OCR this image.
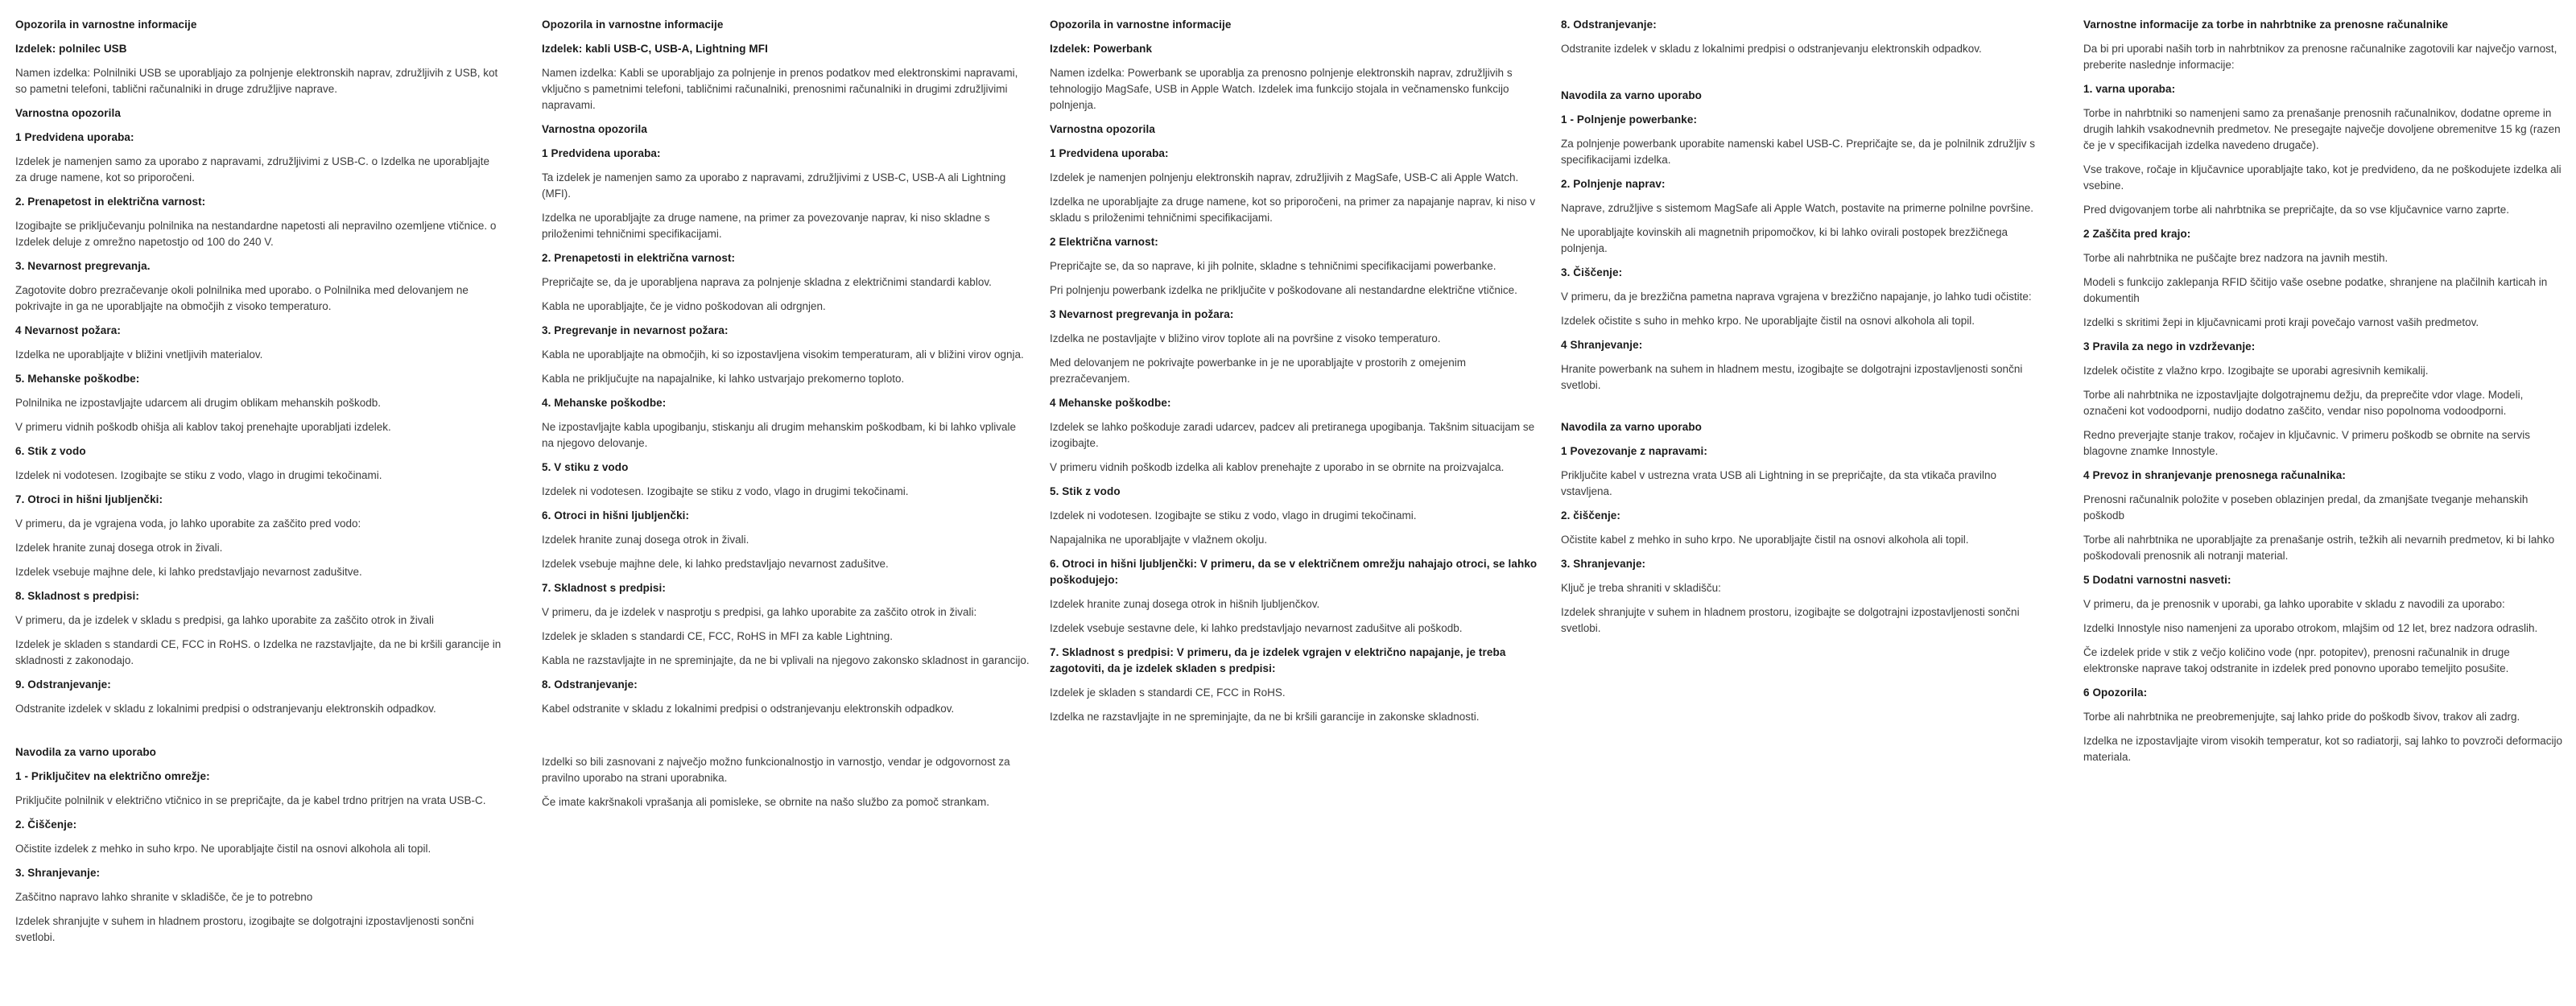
Opozorila in varnostne informacije
Izdelek: polnilec USB
Namen izdelka: Polnilniki USB se uporabljajo za polnjenje elektronskih naprav, združljivih z USB, kot so pametni telefoni, tablični računalniki in druge združljive naprave.
Varnostna opozorila
1 Predvidena uporaba:
Izdelek je namenjen samo za uporabo z napravami, združljivimi z USB-C. o Izdelka ne uporabljajte za druge namene, kot so priporočeni.
2. Prenapetost in električna varnost:
Izogibajte se priključevanju polnilnika na nestandardne napetosti ali nepravilno ozemljene vtičnice. o Izdelek deluje z omrežno napetostjo od 100 do 240 V.
3. Nevarnost pregrevanja.
Zagotovite dobro prezračevanje okoli polnilnika med uporabo. o Polnilnika med delovanjem ne pokrivajte in ga ne uporabljajte na območjih z visoko temperaturo.
4 Nevarnost požara:
Izdelka ne uporabljajte v bližini vnetljivih materialov.
5. Mehanske poškodbe:
Polnilnika ne izpostavljajte udarcem ali drugim oblikam mehanskih poškodb.
V primeru vidnih poškodb ohišja ali kablov takoj prenehajte uporabljati izdelek.
6. Stik z vodo
Izdelek ni vodotesen. Izogibajte se stiku z vodo, vlago in drugimi tekočinami.
7. Otroci in hišni ljubljenčki:
V primeru, da je vgrajena voda, jo lahko uporabite za zaščito pred vodo:
Izdelek hranite zunaj dosega otrok in živali.
Izdelek vsebuje majhne dele, ki lahko predstavljajo nevarnost zadušitve.
8. Skladnost s predpisi:
V primeru, da je izdelek v skladu s predpisi, ga lahko uporabite za zaščito otrok in živali
Izdelek je skladen s standardi CE, FCC in RoHS. o Izdelka ne razstavljajte, da ne bi kršili garancije in skladnosti z zakonodajo.
9. Odstranjevanje:
Odstranite izdelek v skladu z lokalnimi predpisi o odstranjevanju elektronskih odpadkov.
Navodila za varno uporabo
1 - Priključitev na električno omrežje:
Priključite polnilnik v električno vtičnico in se prepričajte, da je kabel trdno pritrjen na vrata USB-C.
2. Čiščenje:
Očistite izdelek z mehko in suho krpo. Ne uporabljajte čistil na osnovi alkohola ali topil.
3. Shranjevanje:
Zaščitno napravo lahko shranite v skladišče, če je to potrebno
Izdelek shranjujte v suhem in hladnem prostoru, izogibajte se dolgotrajni izpostavljenosti sončni svetlobi.
Opozorila in varnostne informacije
Izdelek: kabli USB-C, USB-A, Lightning MFI
Namen izdelka: Kabli se uporabljajo za polnjenje in prenos podatkov med elektronskimi napravami, vključno s pametnimi telefoni, tabličnimi računalniki, prenosnimi računalniki in drugimi združljivimi napravami.
Varnostna opozorila
1 Predvidena uporaba:
Ta izdelek je namenjen samo za uporabo z napravami, združljivimi z USB-C, USB-A ali Lightning (MFI).
Izdelka ne uporabljajte za druge namene, na primer za povezovanje naprav, ki niso skladne s priloženimi tehničnimi specifikacijami.
2. Prenapetosti in električna varnost:
Prepričajte se, da je uporabljena naprava za polnjenje skladna z električnimi standardi kablov.
Kabla ne uporabljajte, če je vidno poškodovan ali odrgnjen.
3. Pregrevanje in nevarnost požara:
Kabla ne uporabljajte na območjih, ki so izpostavljena visokim temperaturam, ali v bližini virov ognja.
Kabla ne priključujte na napajalnike, ki lahko ustvarjajo prekomerno toploto.
4. Mehanske poškodbe:
Ne izpostavljajte kabla upogibanju, stiskanju ali drugim mehanskim poškodbam, ki bi lahko vplivale na njegovo delovanje.
5. V stiku z vodo
Izdelek ni vodotesen. Izogibajte se stiku z vodo, vlago in drugimi tekočinami.
6. Otroci in hišni ljubljenčki:
Izdelek hranite zunaj dosega otrok in živali.
Izdelek vsebuje majhne dele, ki lahko predstavljajo nevarnost zadušitve.
7. Skladnost s predpisi:
V primeru, da je izdelek v nasprotju s predpisi, ga lahko uporabite za zaščito otrok in živali:
Izdelek je skladen s standardi CE, FCC, RoHS in MFI za kable Lightning.
Kabla ne razstavljajte in ne spreminjajte, da ne bi vplivali na njegovo zakonsko skladnost in garancijo.
8. Odstranjevanje:
Kabel odstranite v skladu z lokalnimi predpisi o odstranjevanju elektronskih odpadkov.
Izdelki so bili zasnovani z največjo možno funkcionalnostjo in varnostjo, vendar je odgovornost za pravilno uporabo na strani uporabnika.
Če imate kakršnakoli vprašanja ali pomisleke, se obrnite na našo službo za pomoč strankam.
Opozorila in varnostne informacije
Izdelek: Powerbank
Namen izdelka: Powerbank se uporablja za prenosno polnjenje elektronskih naprav, združljivih s tehnologijo MagSafe, USB in Apple Watch. Izdelek ima funkcijo stojala in večnamensko funkcijo polnjenja.
Varnostna opozorila
1 Predvidena uporaba:
Izdelek je namenjen polnjenju elektronskih naprav, združljivih z MagSafe, USB-C ali Apple Watch.
Izdelka ne uporabljajte za druge namene, kot so priporočeni, na primer za napajanje naprav, ki niso v skladu s priloženimi tehničnimi specifikacijami.
2 Električna varnost:
Prepričajte se, da so naprave, ki jih polnite, skladne s tehničnimi specifikacijami powerbanke.
Pri polnjenju powerbank izdelka ne priključite v poškodovane ali nestandardne električne vtičnice.
3 Nevarnost pregrevanja in požara:
Izdelka ne postavljajte v bližino virov toplote ali na površine z visoko temperaturo.
Med delovanjem ne pokrivajte powerbanke in je ne uporabljajte v prostorih z omejenim prezračevanjem.
4 Mehanske poškodbe:
Izdelek se lahko poškoduje zaradi udarcev, padcev ali pretiranega upogibanja. Takšnim situacijam se izogibajte.
V primeru vidnih poškodb izdelka ali kablov prenehajte z uporabo in se obrnite na proizvajalca.
5. Stik z vodo
Izdelek ni vodotesen. Izogibajte se stiku z vodo, vlago in drugimi tekočinami.
Napajalnika ne uporabljajte v vlažnem okolju.
6. Otroci in hišni ljubljenčki: V primeru, da se v električnem omrežju nahajajo otroci, se lahko poškodujejo:
Izdelek hranite zunaj dosega otrok in hišnih ljubljenčkov.
Izdelek vsebuje sestavne dele, ki lahko predstavljajo nevarnost zadušitve ali poškodb.
7. Skladnost s predpisi: V primeru, da je izdelek vgrajen v električno napajanje, je treba zagotoviti, da je izdelek skladen s predpisi:
Izdelek je skladen s standardi CE, FCC in RoHS.
Izdelka ne razstavljajte in ne spreminjajte, da ne bi kršili garancije in zakonske skladnosti.
8. Odstranjevanje:
Odstranite izdelek v skladu z lokalnimi predpisi o odstranjevanju elektronskih odpadkov.
Navodila za varno uporabo
1 - Polnjenje powerbanke:
Za polnjenje powerbank uporabite namenski kabel USB-C. Prepričajte se, da je polnilnik združljiv s specifikacijami izdelka.
2. Polnjenje naprav:
Naprave, združljive s sistemom MagSafe ali Apple Watch, postavite na primerne polnilne površine.
Ne uporabljajte kovinskih ali magnetnih pripomočkov, ki bi lahko ovirali postopek brezžičnega polnjenja.
3. Čiščenje:
V primeru, da je brezžična pametna naprava vgrajena v brezžično napajanje, jo lahko tudi očistite:
Izdelek očistite s suho in mehko krpo. Ne uporabljajte čistil na osnovi alkohola ali topil.
4 Shranjevanje:
Hranite powerbank na suhem in hladnem mestu, izogibajte se dolgotrajni izpostavljenosti sončni svetlobi.
Navodila za varno uporabo
1 Povezovanje z napravami:
Priključite kabel v ustrezna vrata USB ali Lightning in se prepričajte, da sta vtikača pravilno vstavljena.
2. čiščenje:
Očistite kabel z mehko in suho krpo. Ne uporabljajte čistil na osnovi alkohola ali topil.
3. Shranjevanje:
Ključ je treba shraniti v skladišču:
Izdelek shranjujte v suhem in hladnem prostoru, izogibajte se dolgotrajni izpostavljenosti sončni svetlobi.
Varnostne informacije za torbe in nahrbtnike za prenosne računalnike
Da bi pri uporabi naših torb in nahrbtnikov za prenosne računalnike zagotovili kar največjo varnost, preberite naslednje informacije:
1. varna uporaba:
Torbe in nahrbtniki so namenjeni samo za prenašanje prenosnih računalnikov, dodatne opreme in drugih lahkih vsakodnevnih predmetov. Ne presegajte največje dovoljene obremenitve 15 kg (razen če je v specifikacijah izdelka navedeno drugače).
Vse trakove, ročaje in ključavnice uporabljajte tako, kot je predvideno, da ne poškodujete izdelka ali vsebine.
Pred dvigovanjem torbe ali nahrbtnika se prepričajte, da so vse ključavnice varno zaprte.
2 Zaščita pred krajo:
Torbe ali nahrbtnika ne puščajte brez nadzora na javnih mestih.
Modeli s funkcijo zaklepanja RFID ščitijo vaše osebne podatke, shranjene na plačilnih karticah in dokumentih
Izdelki s skritimi žepi in ključavnicami proti kraji povečajo varnost vaših predmetov.
3 Pravila za nego in vzdrževanje:
Izdelek očistite z vlažno krpo. Izogibajte se uporabi agresivnih kemikalij.
Torbe ali nahrbtnika ne izpostavljajte dolgotrajnemu dežju, da preprečite vdor vlage. Modeli, označeni kot vodoodporni, nudijo dodatno zaščito, vendar niso popolnoma vodoodporni.
Redno preverjajte stanje trakov, ročajev in ključavnic. V primeru poškodb se obrnite na servis blagovne znamke Innostyle.
4 Prevoz in shranjevanje prenosnega računalnika:
Prenosni računalnik položite v poseben oblazinjen predal, da zmanjšate tveganje mehanskih poškodb
Torbe ali nahrbtnika ne uporabljajte za prenašanje ostrih, težkih ali nevarnih predmetov, ki bi lahko poškodovali prenosnik ali notranji material.
5 Dodatni varnostni nasveti:
V primeru, da je prenosnik v uporabi, ga lahko uporabite v skladu z navodili za uporabo:
Izdelki Innostyle niso namenjeni za uporabo otrokom, mlajšim od 12 let, brez nadzora odraslih.
Če izdelek pride v stik z večjo količino vode (npr. potopitev), prenosni računalnik in druge elektronske naprave takoj odstranite in izdelek pred ponovno uporabo temeljito posušite.
6 Opozorila:
Torbe ali nahrbtnika ne preobremenjujte, saj lahko pride do poškodb šivov, trakov ali zadrg.
Izdelka ne izpostavljajte virom visokih temperatur, kot so radiatorji, saj lahko to povzroči deformacijo materiala.
